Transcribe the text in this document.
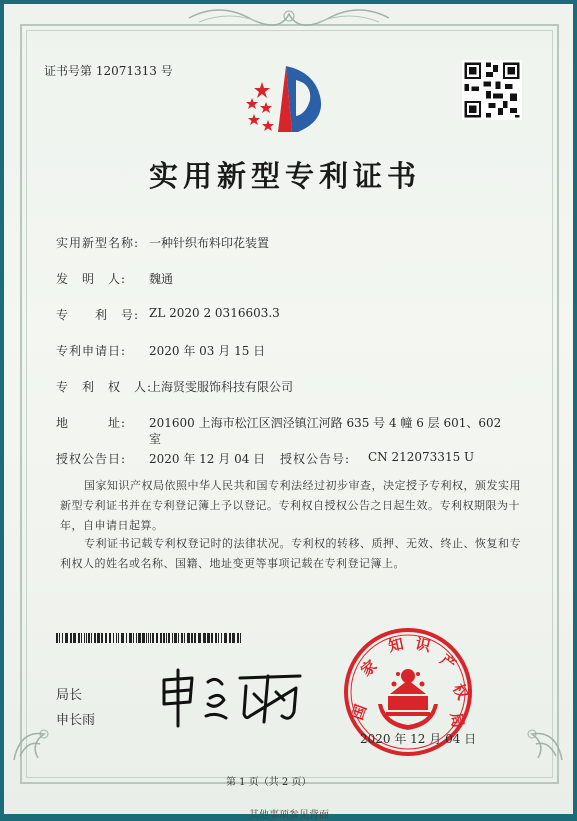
证书号第 12071313 号
实用新型专利证书
实用新型名称: 一种针织布料印花装置
发　明　人: 魏通
专　　利　号: ZL 2020 2 0316603.3
专利申请日: 2020 年 03 月 15 日
专　利　权　人:
上海贤雯服饰科技有限公司
地　　　址: 201600 上海市松江区泗泾镇江河路 635 号 4 幢 6 层 601、602
室
授权公告日: 2020 年 12 月 04 日 授权公告号: CN 212073315 U
国家知识产权局依照中华人民共和国专利法经过初步审查，决定授予专利权，颁发实用新型专利证书并在专利登记簿上予以登记。专利权自授权公告之日起生效。专利权期限为十年，自申请日起算。
专利证书记载专利权登记时的法律状况。专利权的转移、质押、无效、终止、恢复和专利权人的姓名或名称、国籍、地址变更等事项记载在专利登记簿上。
局长
申长雨	国
家
知 识
产
权
局
2020 年 12 月 04 日
第 1 页（共 2 页）
其他事项参见背面
